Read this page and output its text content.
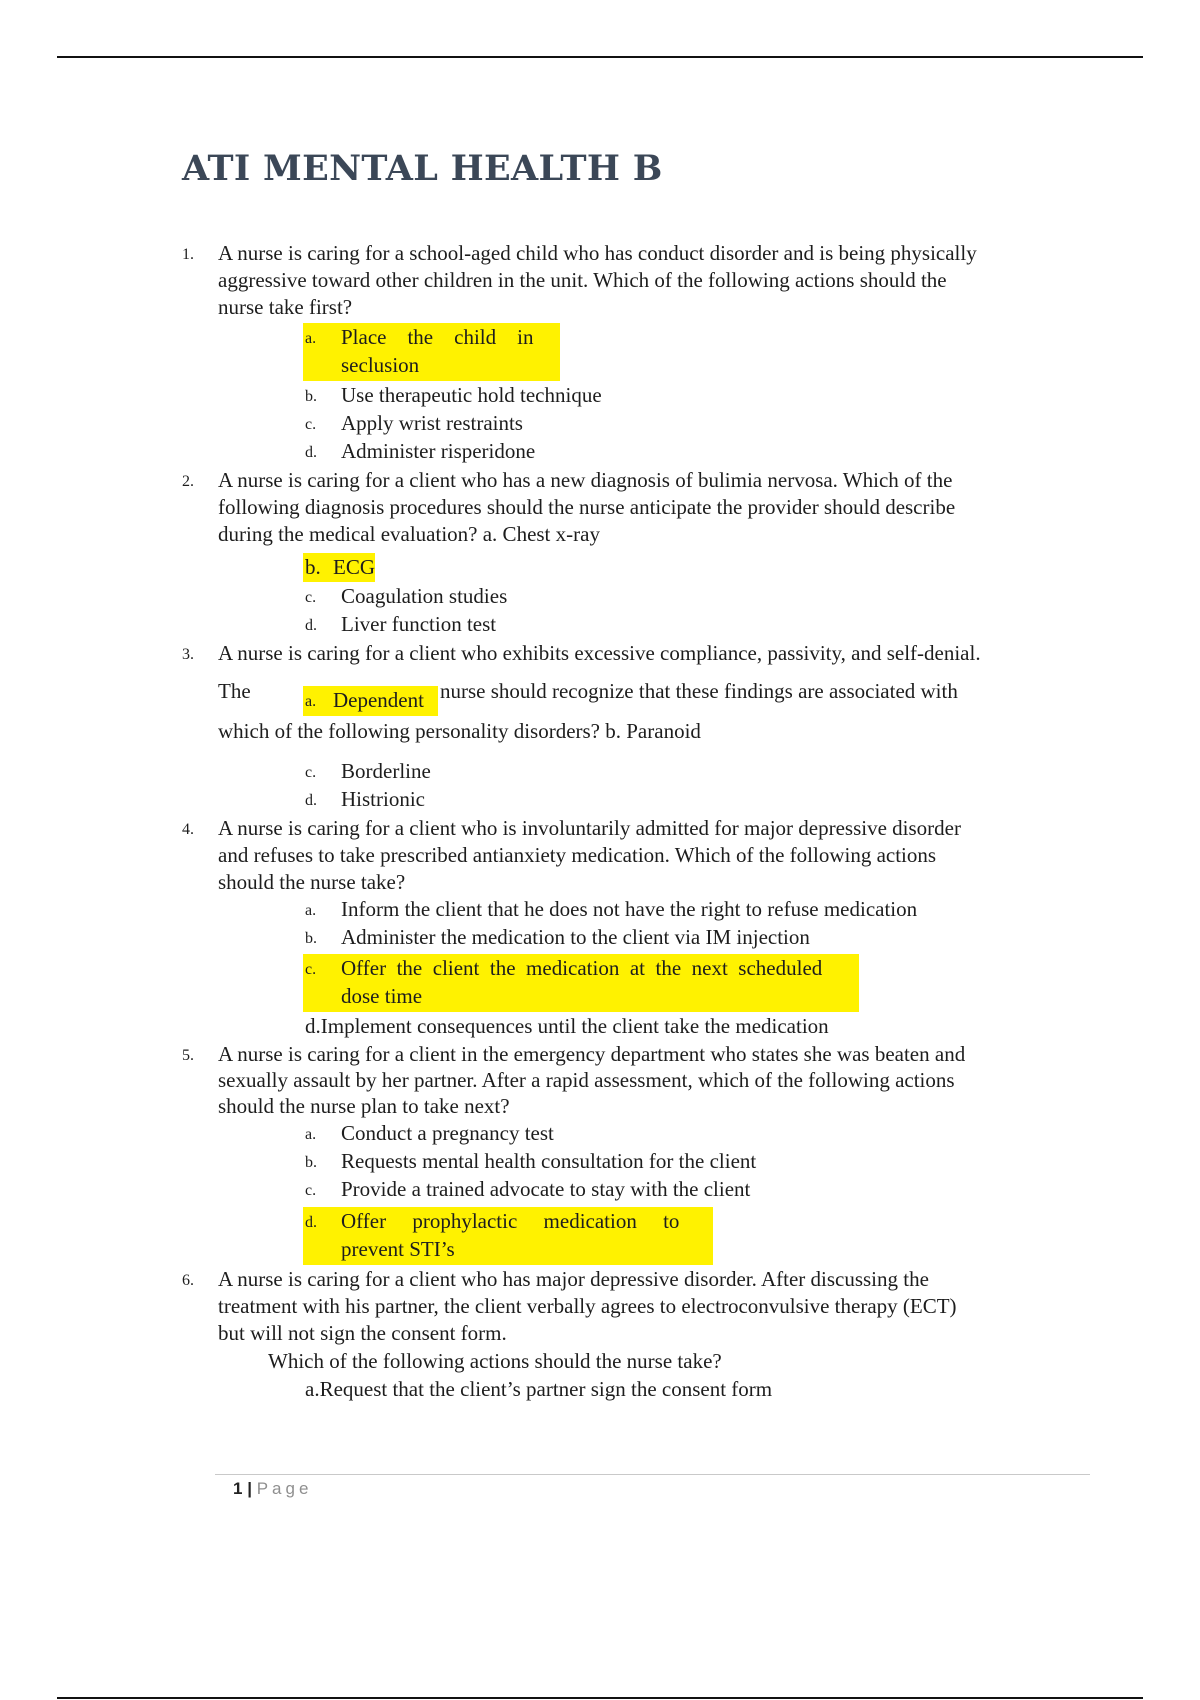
ATI MENTAL HEALTH B
1. A nurse is caring for a school-aged child who has conduct disorder and is being physically
aggressive toward other children in the unit. Which of the following actions should the
nurse take first?
a. Place    the    child    in
seclusion
b. Use therapeutic hold technique
c. Apply wrist restraints
d. Administer risperidone
2. A nurse is caring for a client who has a new diagnosis of bulimia nervosa. Which of the
following diagnosis procedures should the nurse anticipate the provider should describe
during the medical evaluation? a. Chest x-ray
b. ECG
c. Coagulation studies
d. Liver function test
3. A nurse is caring for a client who exhibits excessive compliance, passivity, and self-denial.
The	a. Dependent nurse should recognize that these findings are associated with
which of the following personality disorders? b. Paranoid
c. Borderline
d. Histrionic
4. A nurse is caring for a client who is involuntarily admitted for major depressive disorder
and refuses to take prescribed antianxiety medication. Which of the following actions
should the nurse take?
a. Inform the client that he does not have the right to refuse medication
b. Administer the medication to the client via IM injection
c. Offer  the  client  the  medication  at  the  next  scheduled
dose time
d.Implement consequences until the client take the medication
5. A nurse is caring for a client in the emergency department who states she was beaten and
sexually assault by her partner. After a rapid assessment, which of the following actions
should the nurse plan to take next?
a. Conduct a pregnancy test
b. Requests mental health consultation for the client
c. Provide a trained advocate to stay with the client
d. Offer     prophylactic     medication     to
prevent STI’s
6. A nurse is caring for a client who has major depressive disorder. After discussing the
treatment with his partner, the client verbally agrees to electroconvulsive therapy (ECT)
but will not sign the consent form.
Which of the following actions should the nurse take?
a.Request that the client’s partner sign the consent form
1 | Page
